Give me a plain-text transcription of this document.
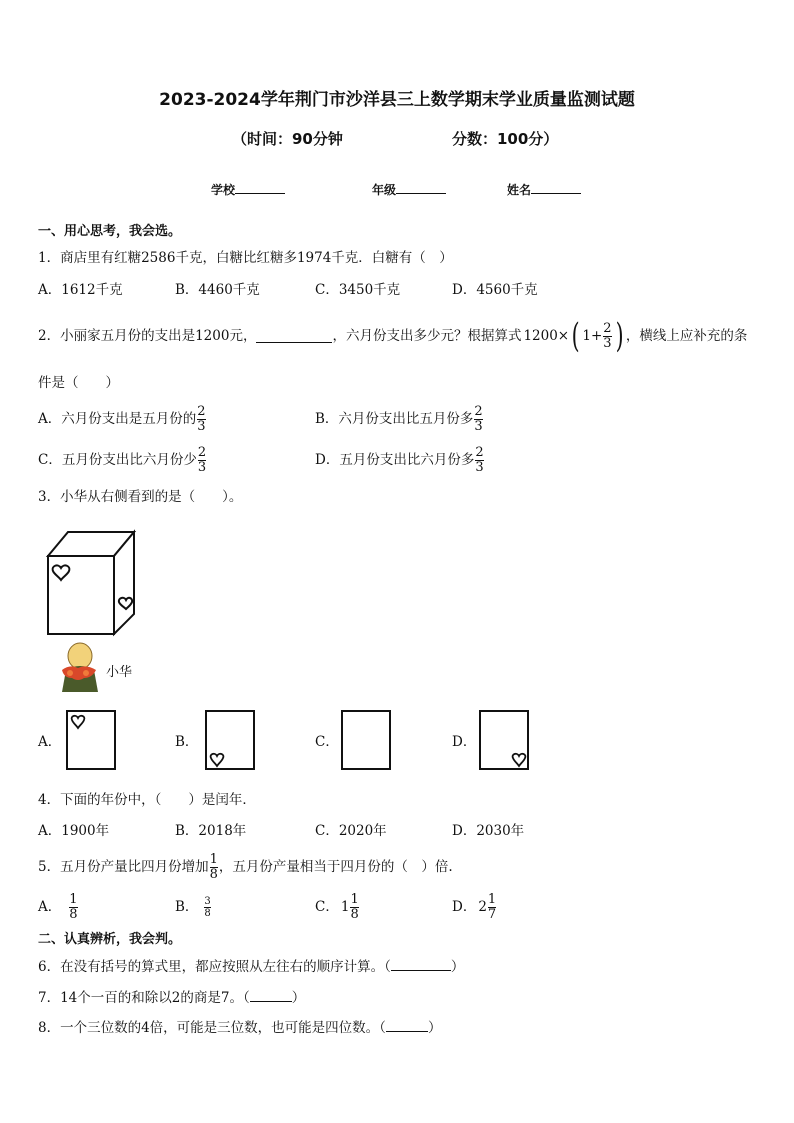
2023-2024学年荆门市沙洋县三上数学期末学业质量监测试题
（时间：90分钟	分数：100分）
学校	年级	姓名
一、用心思考，我会选。
1．商店里有红糖2586千克，白糖比红糖多1974千克．白糖有（　）
A．1612千克	B．4460千克	C．3450千克	D．4560千克
2．小丽家五月份的支出是1200元，	，六月份支出多少元？根据算式 1200× ( $1+ \frac{2}{3}$ ) ，横线上应补充的条
件是（　　）
A．六月份支出是五月份的 $\frac{2}{3}$	B．六月份支出比五月份多 $\frac{2}{3}$
C．五月份支出比六月份少 $\frac{2}{3}$	D．五月份支出比六月份多 $\frac{2}{3}$
3．小华从右侧看到的是（　　）。
小华
A．	B．	C．	D．
4．下面的年份中，（　　）是闰年．
A．1900年	B．2018年	C．2020年	D．2030年
5．五月份产量比四月份增加 $\frac{1}{8}$ ，五月份产量相当于四月份的（　）倍.
A． $\frac{1}{8}$	B． $\frac{3}{8}$	C． $1 \frac{1}{8}$	D． $2 \frac{1}{7}$
二、认真辨析，我会判。
6．在没有括号的算式里，都应按照从左往右的顺序计算。（	）
7．14个一百的和除以2的商是7。（	）
8．一个三位数的4倍，可能是三位数，也可能是四位数。（	）
